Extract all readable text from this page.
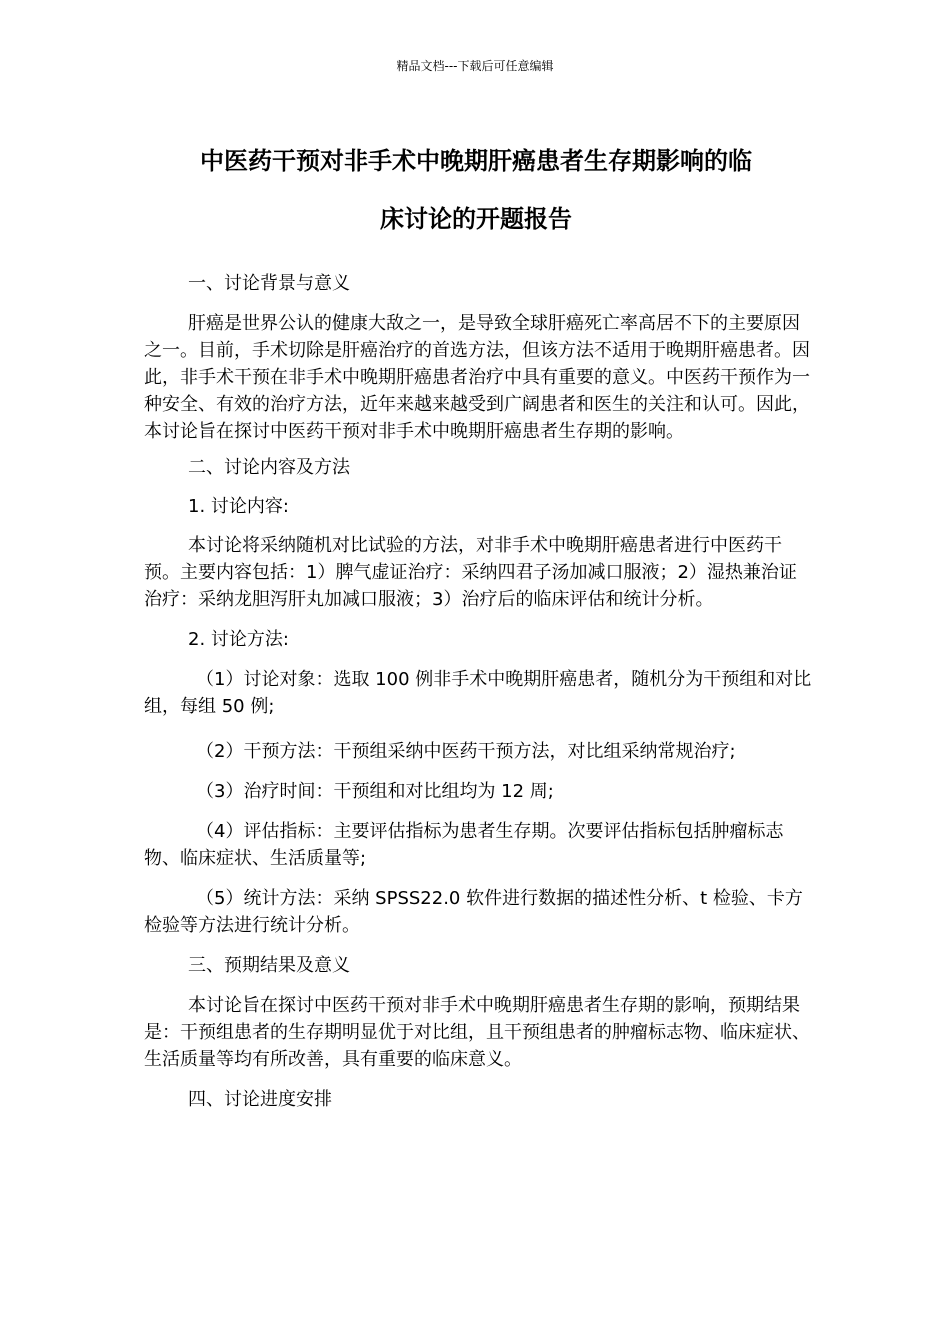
精品文档---下载后可任意编辑
中医药干预对非手术中晚期肝癌患者生存期影响的临
床讨论的开题报告

一、讨论背景与意义

肝癌是世界公认的健康大敌之一，是导致全球肝癌死亡率高居不下的主要原因之一。目前，手术切除是肝癌治疗的首选方法，但该方法不适用于晚期肝癌患者。因此，非手术干预在非手术中晚期肝癌患者治疗中具有重要的意义。中医药干预作为一种安全、有效的治疗方法，近年来越来越受到广阔患者和医生的关注和认可。因此，本讨论旨在探讨中医药干预对非手术中晚期肝癌患者生存期的影响。

二、讨论内容及方法

1. 讨论内容:

本讨论将采纳随机对比试验的方法，对非手术中晚期肝癌患者进行中医药干预。主要内容包括：1）脾气虚证治疗：采纳四君子汤加减口服液；2）湿热兼治证治疗：采纳龙胆泻肝丸加减口服液；3）治疗后的临床评估和统计分析。

2. 讨论方法:

（1）讨论对象：选取 100 例非手术中晚期肝癌患者，随机分为干预组和对比组，每组 50 例;

（2）干预方法：干预组采纳中医药干预方法，对比组采纳常规治疗;

（3）治疗时间：干预组和对比组均为 12 周;

（4）评估指标：主要评估指标为患者生存期。次要评估指标包括肿瘤标志物、临床症状、生活质量等;

（5）统计方法：采纳 SPSS22.0 软件进行数据的描述性分析、t 检验、卡方检验等方法进行统计分析。

三、预期结果及意义

本讨论旨在探讨中医药干预对非手术中晚期肝癌患者生存期的影响，预期结果是：干预组患者的生存期明显优于对比组，且干预组患者的肿瘤标志物、临床症状、生活质量等均有所改善，具有重要的临床意义。

四、讨论进度安排
